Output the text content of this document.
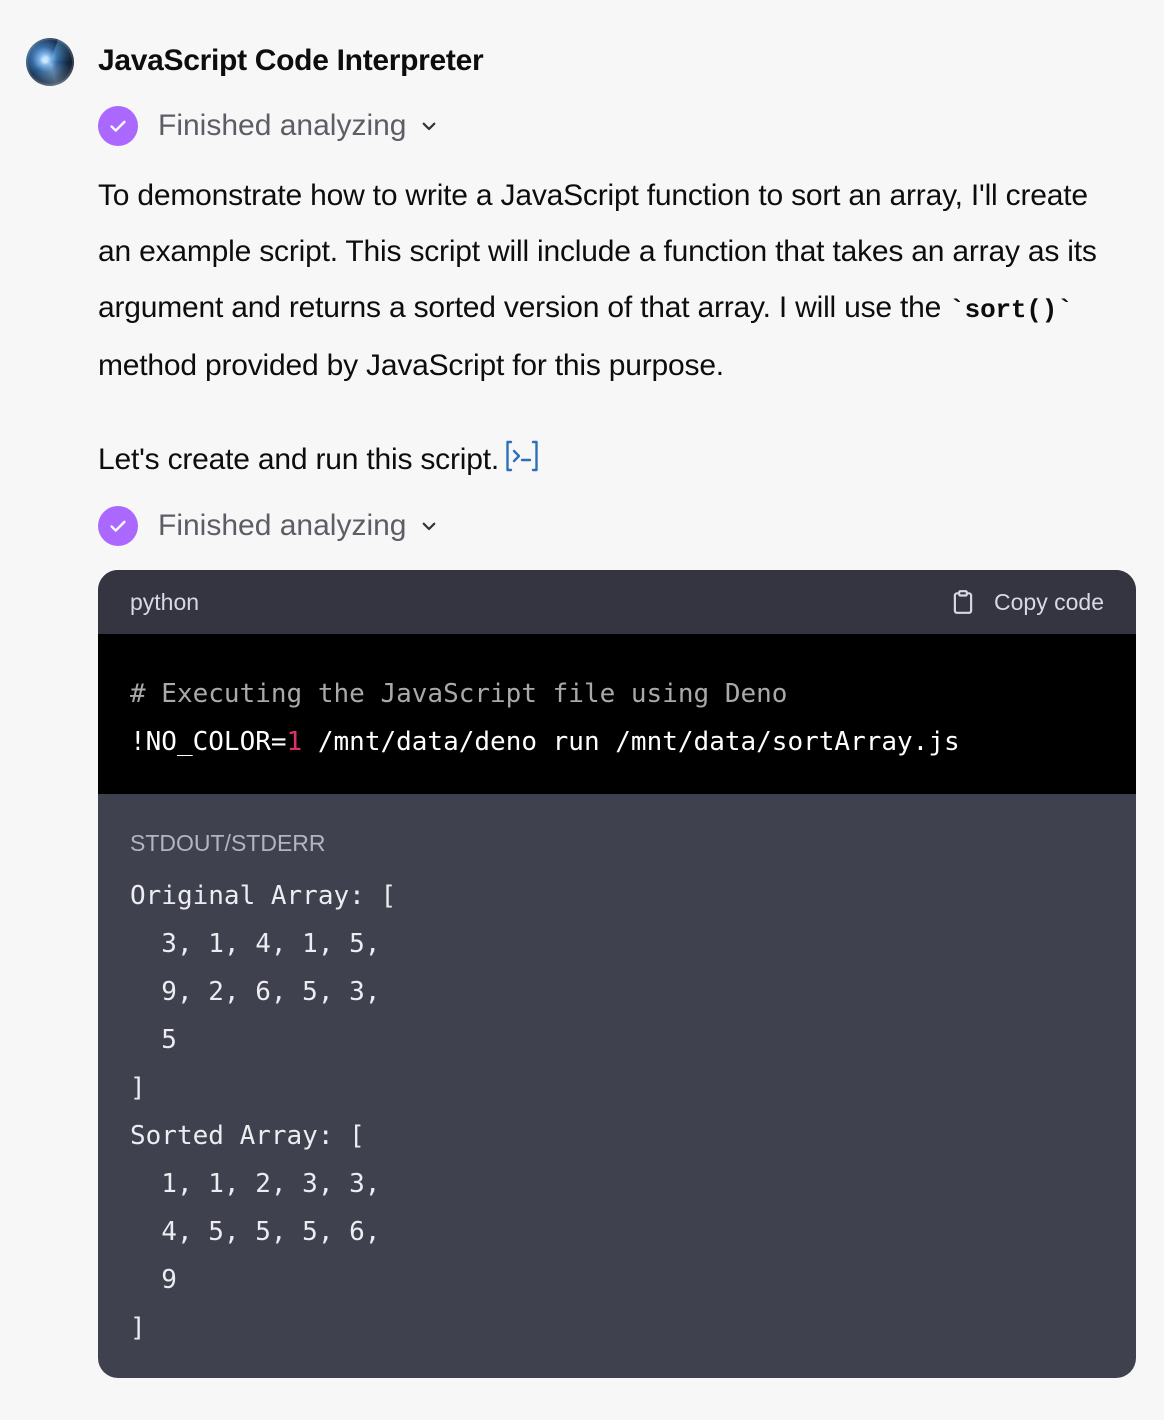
JavaScript Code Interpreter
Finished analyzing

To demonstrate how to write a JavaScript function to sort an array, I'll create an example script. This script will include a function that takes an array as its argument and returns a sorted version of that array. I will use the `sort()` method provided by JavaScript for this purpose.

Let's create and run this script.

Finished analyzing
python	Copy code
# Executing the JavaScript file using Deno
!NO_COLOR=1 /mnt/data/deno run /mnt/data/sortArray.js
STDOUT/STDERR
Original Array: [
3, 1, 4, 1, 5,
9, 2, 6, 5, 3,
5
]
Sorted Array: [
1, 1, 2, 3, 3,
4, 5, 5, 5, 6,
9
]
